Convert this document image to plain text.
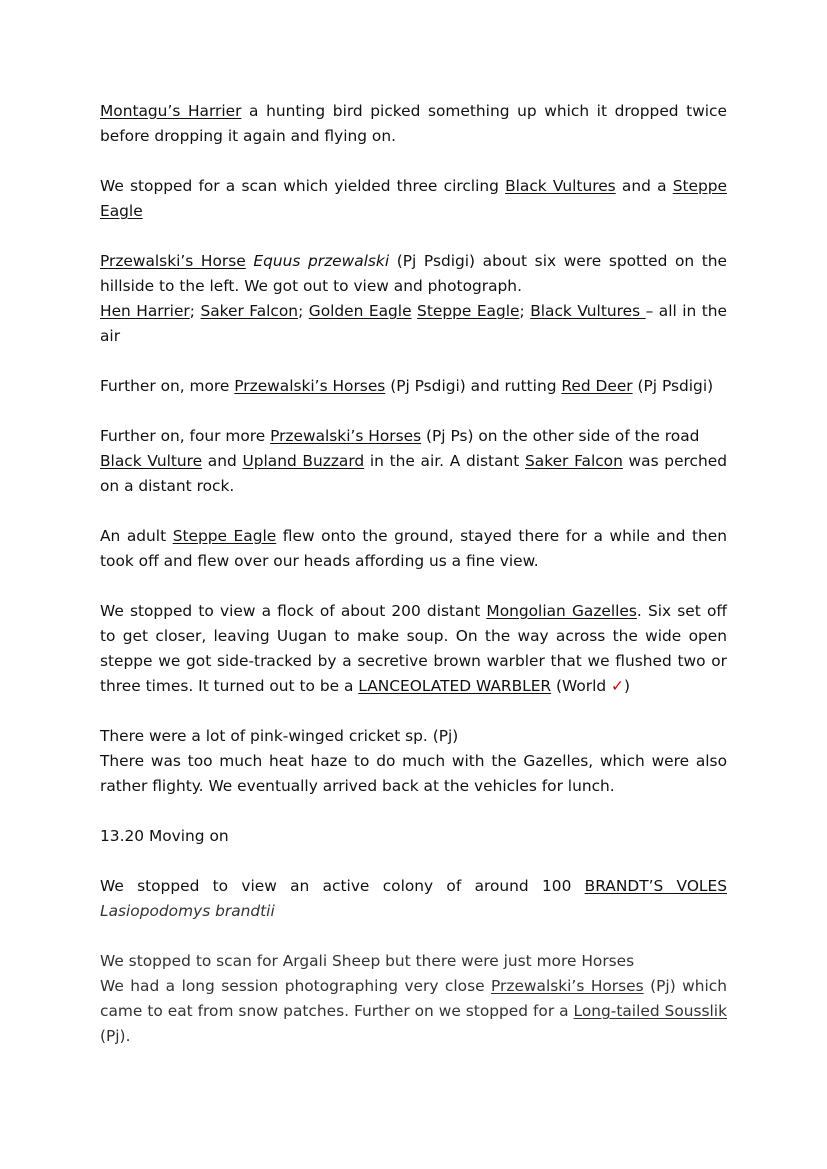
Montagu’s Harrier a hunting bird picked something up which it dropped twice before dropping it again and flying on.

We stopped for a scan which yielded three circling Black Vultures and a Steppe Eagle

Przewalski’s Horse Equus przewalski (Pj Psdigi) about six were spotted on the hillside to the left. We got out to view and photograph.

Hen Harrier; Saker Falcon; Golden Eagle Steppe Eagle; Black Vultures – all in the air

Further on, more Przewalski’s Horses (Pj Psdigi) and rutting Red Deer (Pj Psdigi)

Further on, four more Przewalski’s Horses (Pj Ps) on the other side of the road
Black Vulture and Upland Buzzard in the air. A distant Saker Falcon was perched on a distant rock.

An adult Steppe Eagle flew onto the ground, stayed there for a while and then took off and flew over our heads affording us a fine view.

We stopped to view a flock of about 200 distant Mongolian Gazelles. Six set off to get closer, leaving Uugan to make soup. On the way across the wide open steppe we got side-tracked by a secretive brown warbler that we flushed two or three times. It turned out to be a LANCEOLATED WARBLER (World ✓)

There were a lot of pink-winged cricket sp. (Pj)
There was too much heat haze to do much with the Gazelles, which were also rather flighty. We eventually arrived back at the vehicles for lunch.

13.20 Moving on

We stopped to view an active colony of around 100 BRANDT’S VOLES
Lasiopodomys brandtii

We stopped to scan for Argali Sheep but there were just more Horses
We had a long session photographing very close Przewalski’s Horses (Pj) which came to eat from snow patches. Further on we stopped for a Long-tailed Sousslik (Pj).
